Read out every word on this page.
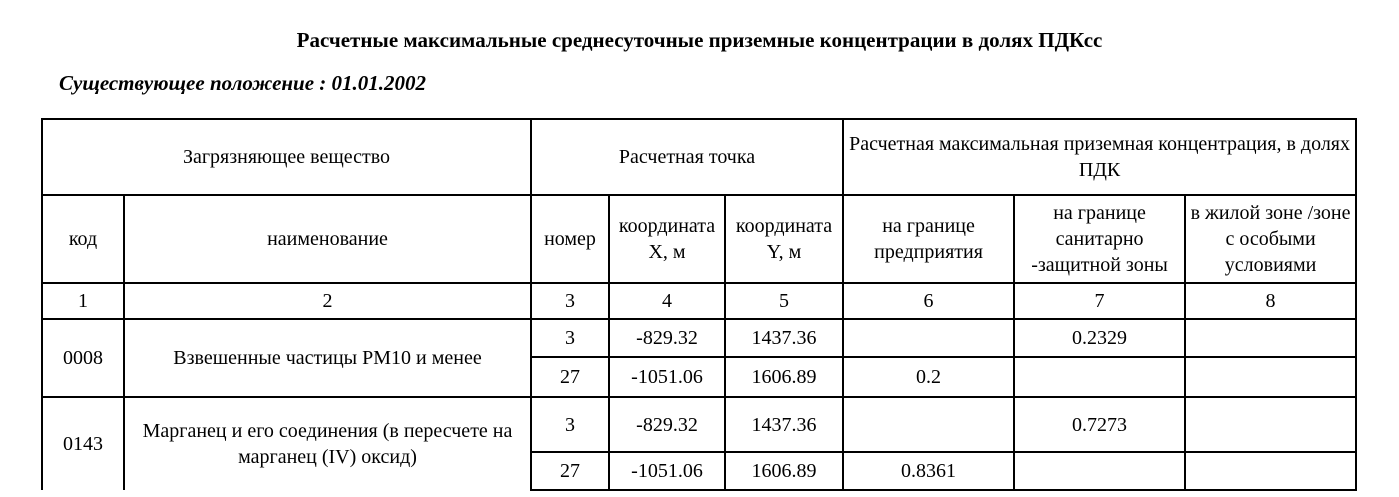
Расчетные максимальные среднесуточные приземные концентрации в долях ПДКсс
Существующее положение : 01.01.2002
Загрязняющее вещество		Расчетная точка			Расчетная максимальная приземная концентрация, в долях ПДК		
код	наименование	номер	координата X, м	координата Y, м	на границе предприятия	на границе санитарно -защитной зоны	в жилой зоне /зоне с особыми условиями
1	2	3	4	5	6	7	8
0008	Взвешенные частицы РМ10 и менее	3	-829.32	1437.36		0.2329	
		27	-1051.06	1606.89	0.2		
0143	Марганец и его соединения (в пересчете на марганец (IV) оксид)	3	-829.32	1437.36		0.7273	
		27	-1051.06	1606.89	0.8361		
